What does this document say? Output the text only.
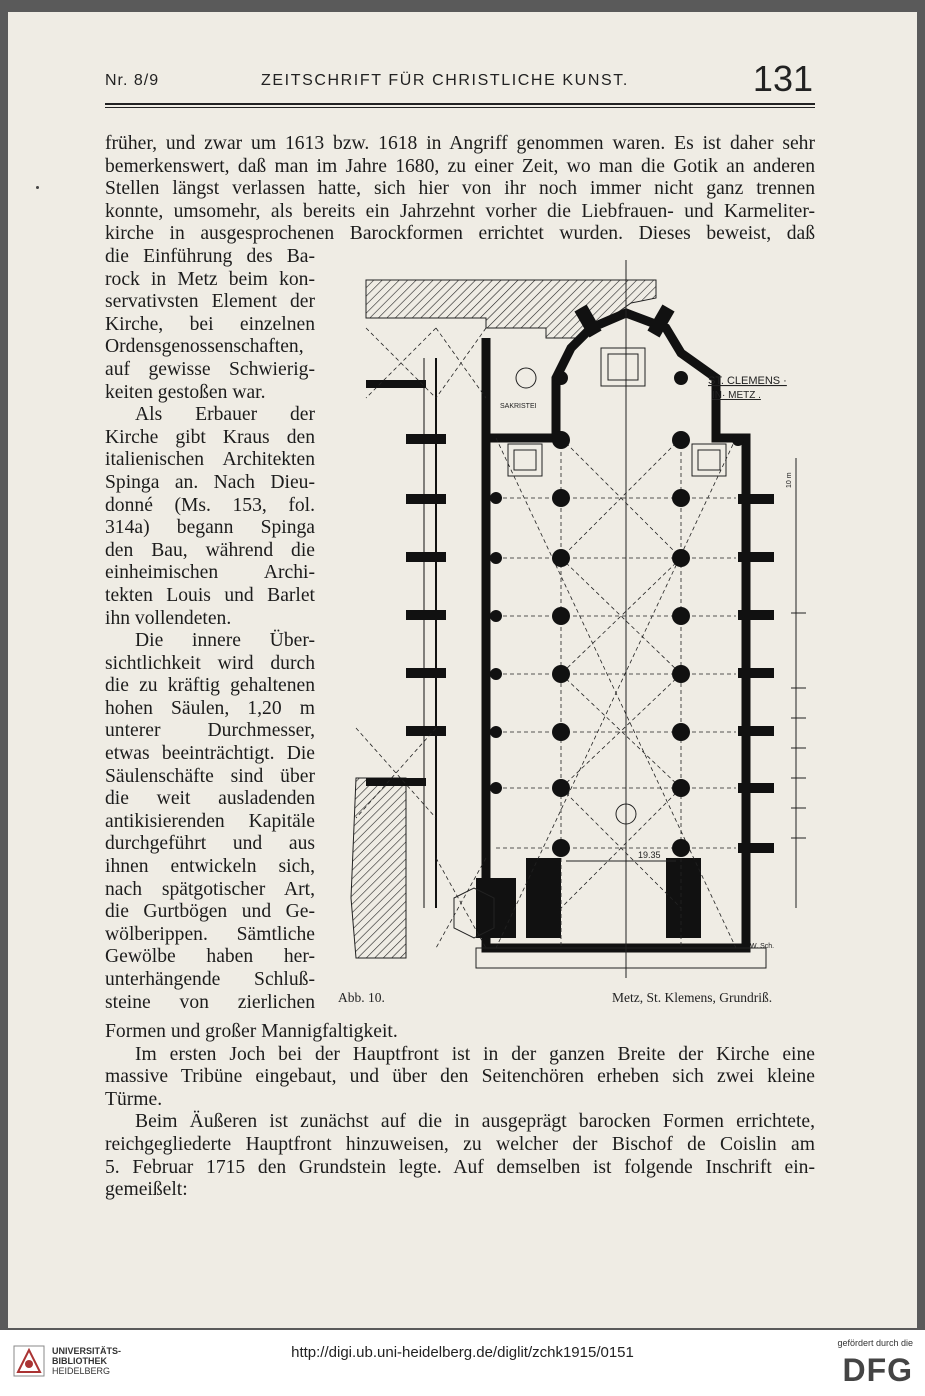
Nr. 8/9	ZEITSCHRIFT FÜR CHRISTLICHE KUNST.	131
früher, und zwar um 1613 bzw. 1618 in Angriff genommen waren. Es ist daher sehr
bemerkenswert, daß man im Jahre 1680, zu einer Zeit, wo man die Gotik an anderen
Stellen längst verlassen hatte, sich hier von ihr noch immer nicht ganz trennen
konnte, umsomehr, als bereits ein Jahrzehnt vorher die Liebfrauen- und Karmeliter-
kirche in ausgesprochenen Barockformen errichtet wurden. Dieses beweist, daß
die Einführung des Ba-
rock in Metz beim kon-
servativsten Element der
Kirche, bei einzelnen
Ordensgenossenschaften,
auf gewisse Schwierig-
keiten gestoßen war.
Als Erbauer der
Kirche gibt Kraus den
italienischen Architekten
Spinga an. Nach Dieu-
donné (Ms. 153, fol.
314a) begann Spinga
den Bau, während die
einheimischen Archi-
tekten Louis und Barlet
ihn vollendeten.
Die innere Über-
sichtlichkeit wird durch
die zu kräftig gehaltenen
hohen Säulen, 1,20 m
unterer Durchmesser,
etwas beeinträchtigt. Die
Säulenschäfte sind über
die weit ausladenden
antikisierenden Kapitäle
durchgeführt und aus
ihnen entwickeln sich,
nach spätgotischer Art,
die Gurtbögen und Ge-
wölberippen. Sämtliche
Gewölbe haben her-
unterhängende Schluß-
steine von zierlichen
Formen und großer Mannigfaltigkeit.
Im ersten Joch bei der Hauptfront ist in der ganzen Breite der Kirche eine
massive Tribüne eingebaut, und über den Seitenchören erheben sich zwei kleine
Türme.
Beim Äußeren ist zunächst auf die in ausgeprägt barocken Formen errichtete,
reichgegliederte Hauptfront hinzuweisen, zu welcher der Bischof de Coislin am
5. Februar 1715 den Grundstein legte. Auf demselben ist folgende Inschrift ein-
gemeißelt:
ST. CLEMENS ·
IN· METZ .
SAKRISTEI
19.35
10 m
W. Sch.
Abb. 10.	Metz, St. Klemens, Grundriß.
UNIVERSITÄTS-
BIBLIOTHEK
HEIDELBERG
http://digi.ub.uni-heidelberg.de/diglit/zchk1915/0151
gefördert durch die
DFG
